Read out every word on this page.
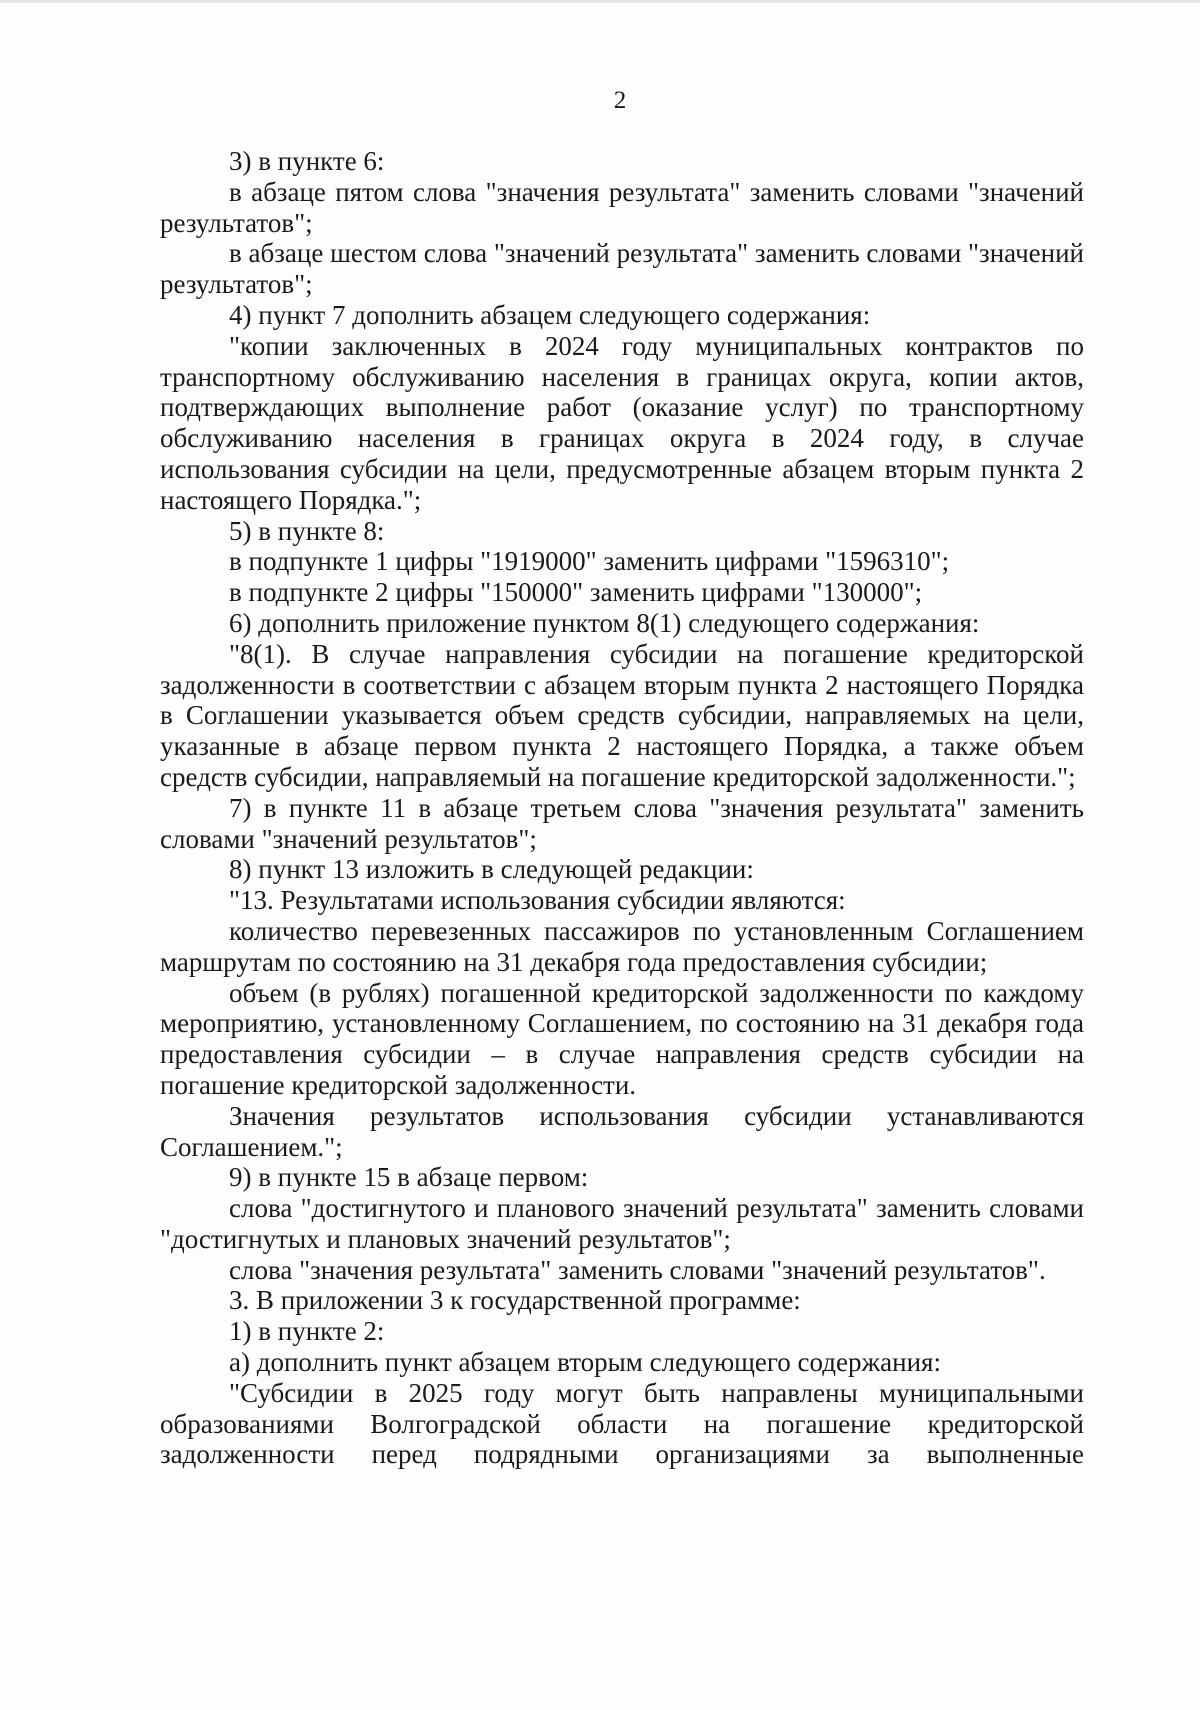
2

3) в пункте 6:

в абзаце пятом слова "значения результата" заменить словами "значений результатов";

в абзаце шестом слова "значений результата" заменить словами "значений результатов";

4) пункт 7 дополнить абзацем следующего содержания:

"копии заключенных в 2024 году муниципальных контрактов по транспортному обслуживанию населения в границах округа, копии актов, подтверждающих выполнение работ (оказание услуг) по транспортному обслуживанию населения в границах округа в 2024 году, в случае использования субсидии на цели, предусмотренные абзацем вторым пункта 2 настоящего Порядка.";

5) в пункте 8:

в подпункте 1 цифры "1919000" заменить цифрами "1596310";

в подпункте 2 цифры "150000" заменить цифрами "130000";

6) дополнить приложение пунктом 8(1) следующего содержания:

"8(1). В случае направления субсидии на погашение кредиторской задолженности в соответствии с абзацем вторым пункта 2 настоящего Порядка в Соглашении указывается объем средств субсидии, направляемых на цели, указанные в абзаце первом пункта 2 настоящего Порядка, а также объем средств субсидии, направляемый на погашение кредиторской задолженности.";

7) в пункте 11 в абзаце третьем слова "значения результата" заменить словами "значений результатов";

8) пункт 13 изложить в следующей редакции:

"13. Результатами использования субсидии являются:

количество перевезенных пассажиров по установленным Соглашением маршрутам по состоянию на 31 декабря года предоставления субсидии;

объем (в рублях) погашенной кредиторской задолженности по каждому мероприятию, установленному Соглашением, по состоянию на 31 декабря года предоставления субсидии – в случае направления средств субсидии на погашение кредиторской задолженности.

Значения результатов использования субсидии устанавливаются Соглашением.";

9) в пункте 15 в абзаце первом:

слова "достигнутого и планового значений результата" заменить словами "достигнутых и плановых значений результатов";

слова "значения результата" заменить словами "значений результатов".

3. В приложении 3 к государственной программе:

1) в пункте 2:

а) дополнить пункт абзацем вторым следующего содержания:

"Субсидии в 2025 году могут быть направлены муниципальными образованиями Волгоградской области на погашение кредиторской задолженности перед подрядными организациями за выполненные
